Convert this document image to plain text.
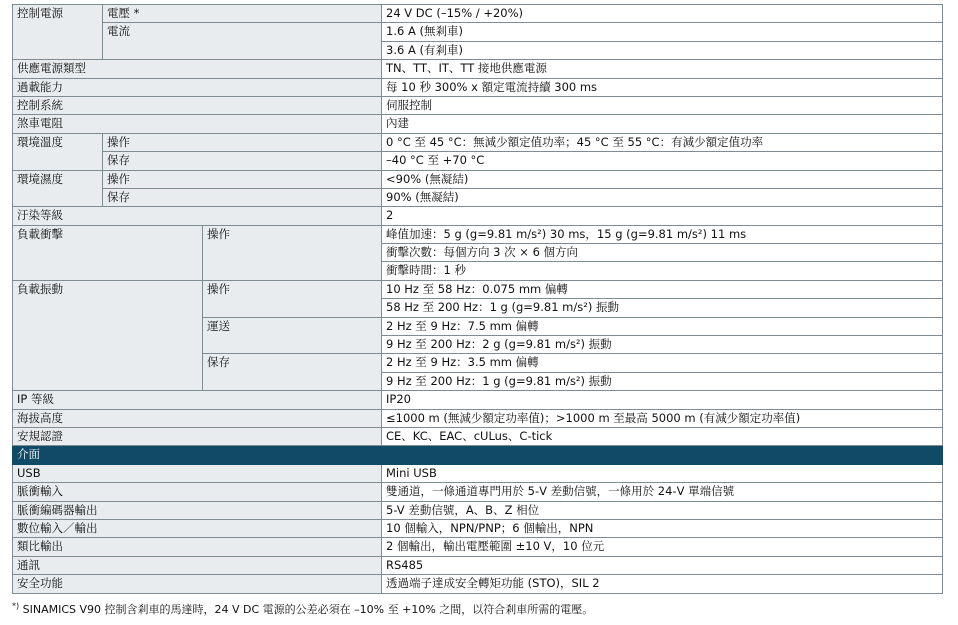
控制電源	電壓 *		24 V DC (–15% / +20%)
	電流		1.6 A (無剎車)
			3.6 A (有剎車)
供應電源類型			TN、TT、IT、TT 接地供應電源
過載能力			每 10 秒 300% x 額定電流持續 300 ms
控制系統			伺服控制
煞車電阻			內建
環境溫度	操作		0 °C 至 45 °C：無減少額定值功率；45 °C 至 55 °C：有減少額定值功率
	保存		–40 °C 至 +70 °C
環境濕度	操作		<90% (無凝結)
	保存		90% (無凝結)
汙染等級			2
負載衝擊		操作	峰值加速：5 g (g=9.81 m/s²) 30 ms，15 g (g=9.81 m/s²) 11 ms
			衝擊次數：每個方向 3 次 × 6 個方向
			衝擊時間：1 秒
負載振動		操作	10 Hz 至 58 Hz：0.075 mm 偏轉
			58 Hz 至 200 Hz：1 g (g=9.81 m/s²) 振動
		運送	2 Hz 至 9 Hz：7.5 mm 偏轉
			9 Hz 至 200 Hz：2 g (g=9.81 m/s²) 振動
		保存	2 Hz 至 9 Hz：3.5 mm 偏轉
			9 Hz 至 200 Hz：1 g (g=9.81 m/s²) 振動
IP 等級			IP20
海拔高度			≤1000 m (無減少額定功率值)；>1000 m 至最高 5000 m (有減少額定功率值)
安規認證			CE、KC、EAC、cULus、C-tick
介面			
USB			Mini USB
脈衝輸入			雙通道，一條通道專門用於 5-V 差動信號，一條用於 24-V 單端信號
脈衝編碼器輸出			5-V 差動信號，A、B、Z 相位
數位輸入／輸出			10 個輸入，NPN/PNP；6 個輸出，NPN
類比輸出			2 個輸出，輸出電壓範圍 ±10 V，10 位元
通訊			RS485
安全功能			透過端子達成安全轉矩功能 (STO)，SIL 2
*) SINAMICS V90 控制含剎車的馬達時，24 V DC 電源的公差必須在 –10% 至 +10% 之間，以符合剎車所需的電壓。
